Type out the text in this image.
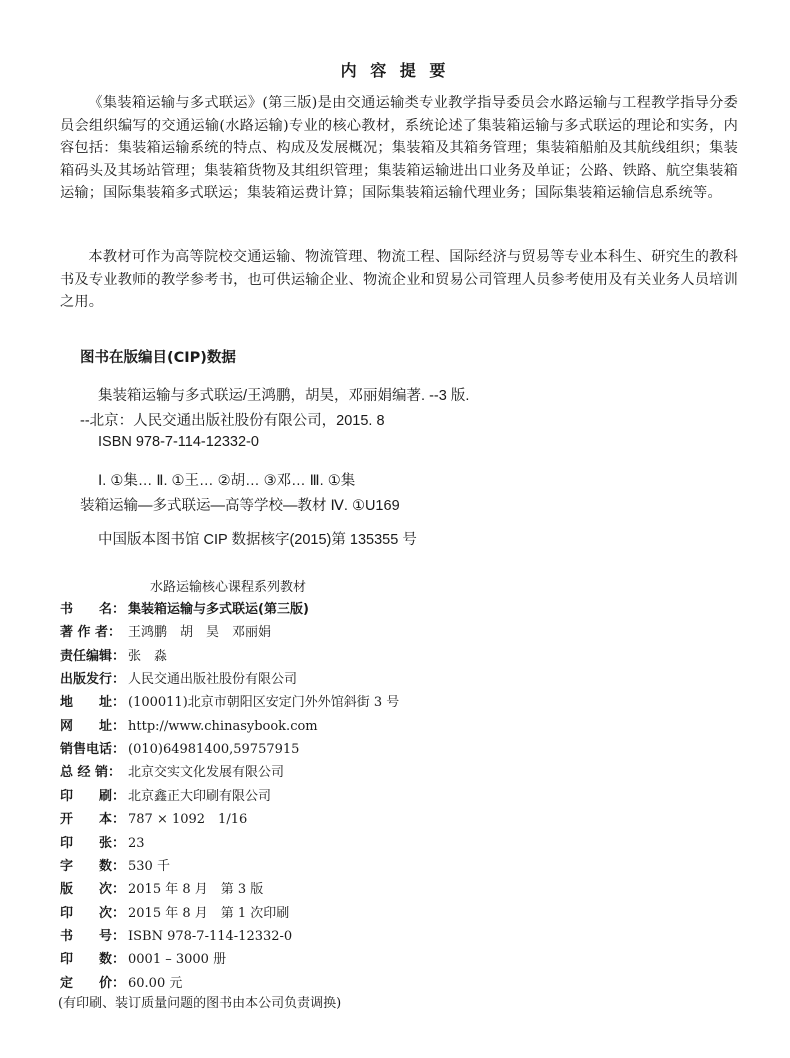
内 容 提 要

《集装箱运输与多式联运》(第三版)是由交通运输类专业教学指导委员会水路运输与工程教学指导分委员会组织编写的交通运输(水路运输)专业的核心教材，系统论述了集装箱运输与多式联运的理论和实务，内容包括：集装箱运输系统的特点、构成及发展概况；集装箱及其箱务管理；集装箱船舶及其航线组织；集装箱码头及其场站管理；集装箱货物及其组织管理；集装箱运输进出口业务及单证；公路、铁路、航空集装箱运输；国际集装箱多式联运；集装箱运费计算；国际集装箱运输代理业务；国际集装箱运输信息系统等。

本教材可作为高等院校交通运输、物流管理、物流工程、国际经济与贸易等专业本科生、研究生的教科书及专业教师的教学参考书，也可供运输企业、物流企业和贸易公司管理人员参考使用及有关业务人员培训之用。

图书在版编目(CIP)数据
集装箱运输与多式联运/王鸿鹏，胡昊，邓丽娟编著. --3 版.
--北京：人民交通出版社股份有限公司，2015. 8
ISBN 978-7-114-12332-0
Ⅰ. ①集… Ⅱ. ①王… ②胡… ③邓… Ⅲ. ①集
装箱运输—多式联运—高等学校—教材 Ⅳ. ①U169
中国版本图书馆 CIP 数据核字(2015)第 135355 号
水路运输核心课程系列教材
书　　名： 集装箱运输与多式联运(第三版)
著 作 者： 王鸿鹏　胡　昊　邓丽娟
责任编辑： 张　淼
出版发行： 人民交通出版社股份有限公司
地　　址： (100011)北京市朝阳区安定门外外馆斜街 3 号
网　　址： http://www.chinasybook.com
销售电话： (010)64981400,59757915
总 经 销： 北京交实文化发展有限公司
印　　刷： 北京鑫正大印刷有限公司
开　　本： 787 × 1092　1/16
印　　张： 23
字　　数： 530 千
版　　次： 2015 年 8 月　第 3 版
印　　次： 2015 年 8 月　第 1 次印刷
书　　号： ISBN 978-7-114-12332-0
印　　数： 0001 – 3000 册
定　　价： 60.00 元
(有印刷、装订质量问题的图书由本公司负责调换)
